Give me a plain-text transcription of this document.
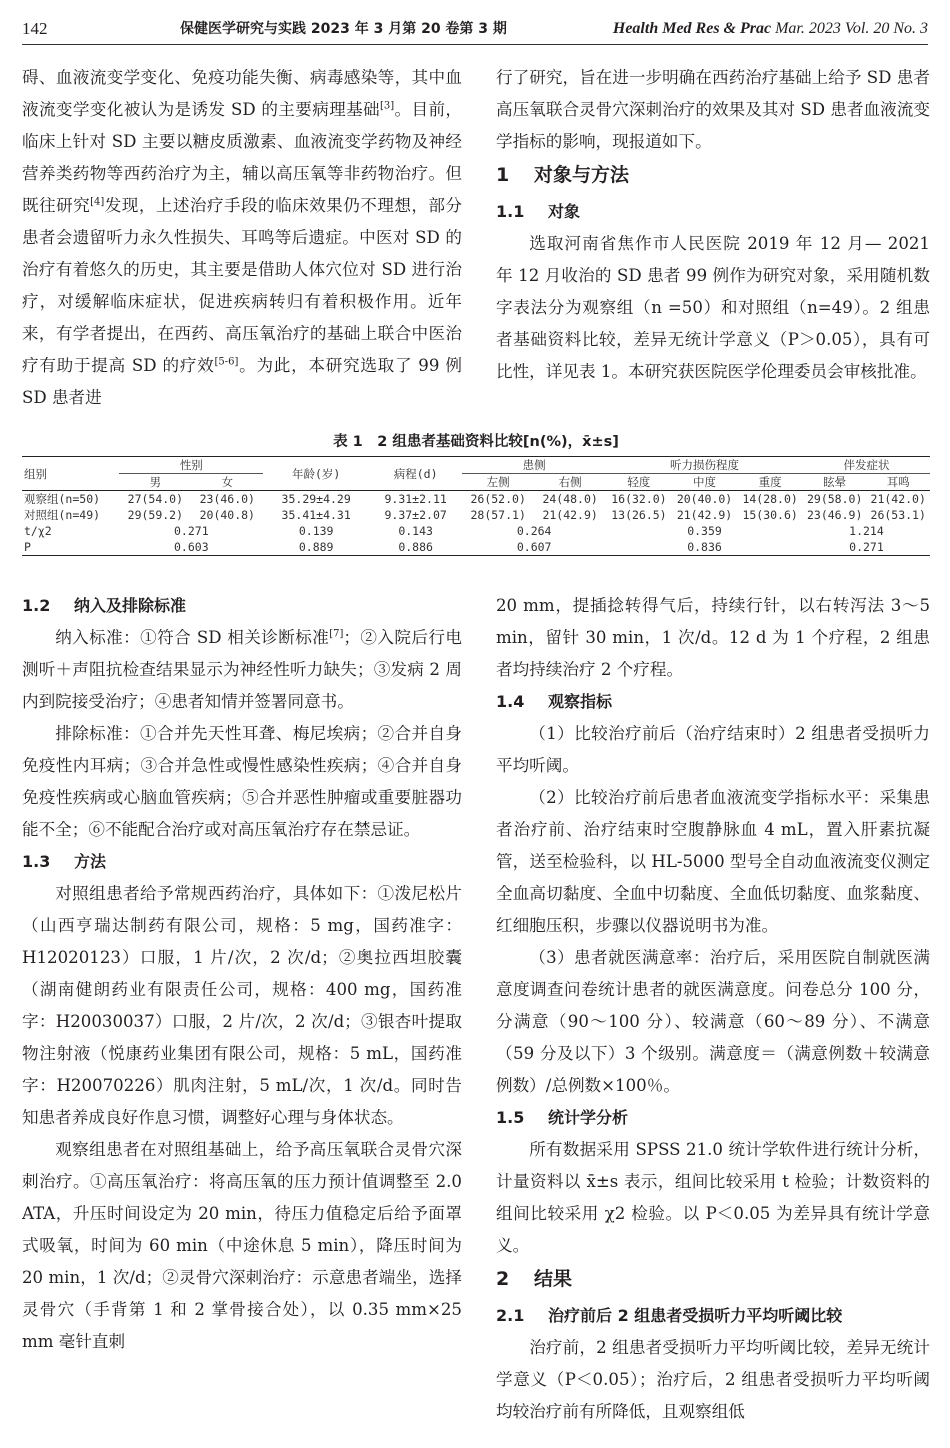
142	保健医学研究与实践 2023 年 3 月第 20 卷第 3 期	Health Med Res & Prac Mar. 2023 Vol. 20 No. 3

碍、血液流变学变化、免疫功能失衡、病毒感染等，其中血液流变学变化被认为是诱发 SD 的主要病理基础[3]。目前，临床上针对 SD 主要以糖皮质激素、血液流变学药物及神经营养类药物等西药治疗为主，辅以高压氧等非药物治疗。但既往研究[4]发现，上述治疗手段的临床效果仍不理想，部分患者会遗留听力永久性损失、耳鸣等后遗症。中医对 SD 的治疗有着悠久的历史，其主要是借助人体穴位对 SD 进行治疗，对缓解临床症状，促进疾病转归有着积极作用。近年来，有学者提出，在西药、高压氧治疗的基础上联合中医治疗有助于提高 SD 的疗效[5-6]。为此，本研究选取了 99 例 SD 患者进

行了研究，旨在进一步明确在西药治疗基础上给予 SD 患者高压氧联合灵骨穴深刺治疗的效果及其对 SD 患者血液流变学指标的影响，现报道如下。

1 对象与方法
1.1 对象

选取河南省焦作市人民医院 2019 年 12 月— 2021 年 12 月收治的 SD 患者 99 例作为研究对象，采用随机数字表法分为观察组（n =50）和对照组（n=49）。2 组患者基础资料比较，差异无统计学意义（P＞0.05），具有可比性，详见表 1。本研究获医院医学伦理委员会审核批准。

表 1　2 组患者基础资料比较[n(%)，x̄±s]
组别	性别		年龄(岁)	病程(d)	患侧		听力损伤程度			伴发症状	
	男	女			左侧	右侧	轻度	中度	重度	眩晕	耳鸣
观察组(n=50)	27(54.0)	23(46.0)	35.29±4.29	9.31±2.11	26(52.0)	24(48.0)	16(32.0)	20(40.0)	14(28.0)	29(58.0)	21(42.0)
对照组(n=49)	29(59.2)	20(40.8)	35.41±4.31	9.37±2.07	28(57.1)	21(42.9)	13(26.5)	21(42.9)	15(30.6)	23(46.9)	26(53.1)
t/χ2	0.271		0.139	0.143	0.264		0.359			1.214	
P	0.603		0.889	0.886	0.607		0.836			0.271	
1.2 纳入及排除标准

纳入标准：①符合 SD 相关诊断标准[7]；②入院后行电测听＋声阻抗检查结果显示为神经性听力缺失；③发病 2 周内到院接受治疗；④患者知情并签署同意书。

排除标准：①合并先天性耳聋、梅尼埃病；②合并自身免疫性内耳病；③合并急性或慢性感染性疾病；④合并自身免疫性疾病或心脑血管疾病；⑤合并恶性肿瘤或重要脏器功能不全；⑥不能配合治疗或对高压氧治疗存在禁忌证。

1.3 方法

对照组患者给予常规西药治疗，具体如下：①泼尼松片（山西亨瑞达制药有限公司，规格：5 mg，国药准字：H12020123）口服，1 片/次，2 次/d；②奥拉西坦胶囊（湖南健朗药业有限责任公司，规格：400 mg，国药准字：H20030037）口服，2 片/次，2 次/d；③银杏叶提取物注射液（悦康药业集团有限公司，规格：5 mL，国药准字：H20070226）肌肉注射，5 mL/次，1 次/d。同时告知患者养成良好作息习惯，调整好心理与身体状态。

观察组患者在对照组基础上，给予高压氧联合灵骨穴深刺治疗。①高压氧治疗：将高压氧的压力预计值调整至 2.0 ATA，升压时间设定为 20 min，待压力值稳定后给予面罩式吸氧，时间为 60 min（中途休息 5 min），降压时间为 20 min，1 次/d；②灵骨穴深刺治疗：示意患者端坐，选择灵骨穴（手背第 1 和 2 掌骨接合处），以 0.35 mm×25 mm 毫针直刺

20 mm，提插捻转得气后，持续行针，以右转泻法 3～5 min，留针 30 min，1 次/d。12 d 为 1 个疗程，2 组患者均持续治疗 2 个疗程。

1.4 观察指标

（1）比较治疗前后（治疗结束时）2 组患者受损听力平均听阈。

（2）比较治疗前后患者血液流变学指标水平：采集患者治疗前、治疗结束时空腹静脉血 4 mL，置入肝素抗凝管，送至检验科，以 HL-5000 型号全自动血液流变仪测定全血高切黏度、全血中切黏度、全血低切黏度、血浆黏度、红细胞压积，步骤以仪器说明书为准。

（3）患者就医满意率：治疗后，采用医院自制就医满意度调查问卷统计患者的就医满意度。问卷总分 100 分，分满意（90～100 分）、较满意（60～89 分）、不满意（59 分及以下）3 个级别。满意度＝（满意例数＋较满意例数）/总例数×100％。

1.5 统计学分析

所有数据采用 SPSS 21.0 统计学软件进行统计分析，计量资料以 x̄±s 表示，组间比较采用 t 检验；计数资料的组间比较采用 χ2 检验。以 P＜0.05 为差异具有统计学意义。

2 结果
2.1 治疗前后 2 组患者受损听力平均听阈比较

治疗前，2 组患者受损听力平均听阈比较，差异无统计学意义（P＜0.05）；治疗后，2 组患者受损听力平均听阈均较治疗前有所降低，且观察组低
